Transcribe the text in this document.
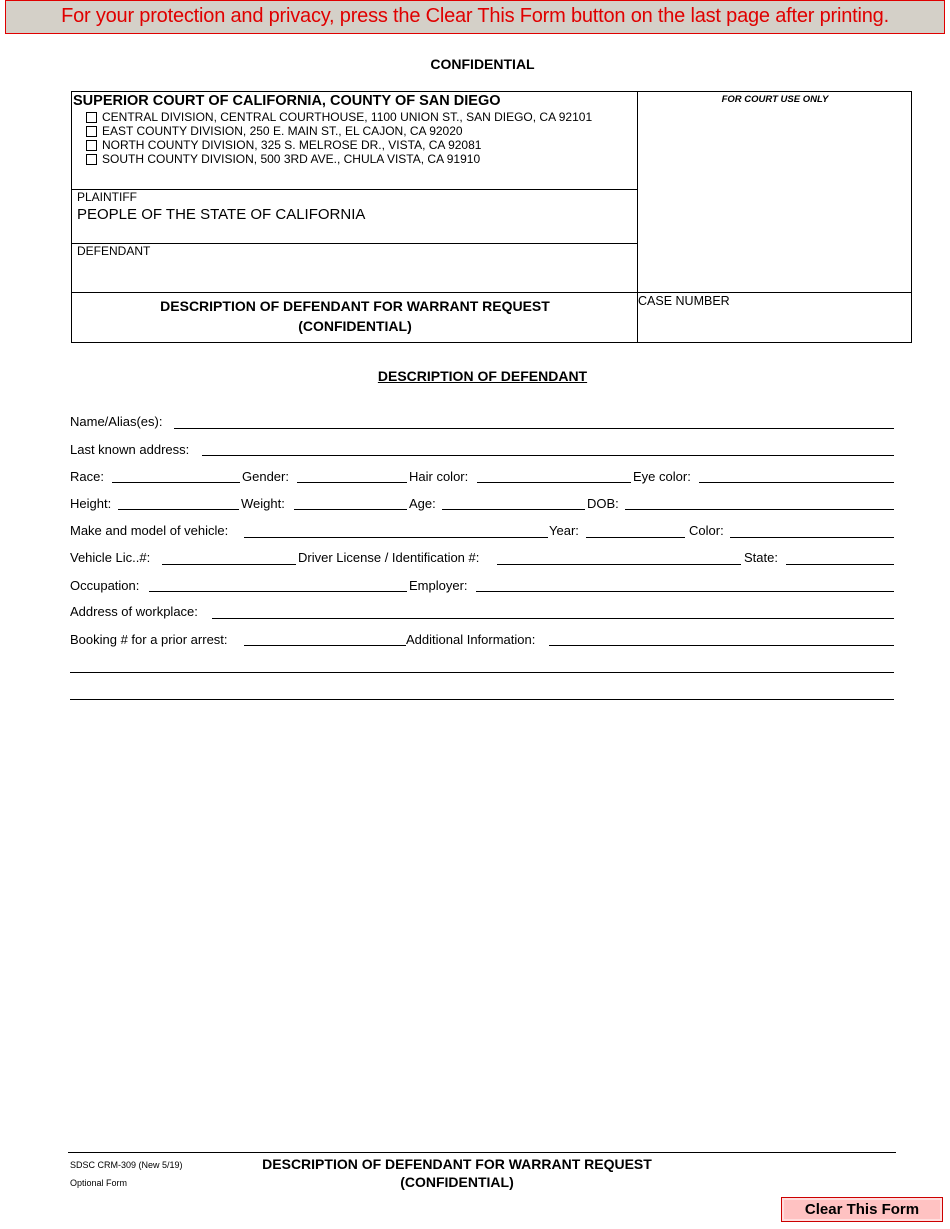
For your protection and privacy, press the Clear This Form button on the last page after printing.
CONFIDENTIAL
SUPERIOR COURT OF CALIFORNIA, COUNTY OF SAN DIEGO
CENTRAL DIVISION, CENTRAL COURTHOUSE, 1100 UNION ST., SAN DIEGO, CA 92101
EAST COUNTY DIVISION, 250 E. MAIN ST., EL CAJON, CA 92020
NORTH COUNTY DIVISION, 325 S. MELROSE DR., VISTA, CA 92081
SOUTH COUNTY DIVISION, 500 3RD AVE., CHULA VISTA, CA 91910
PLAINTIFF
PEOPLE OF THE STATE OF CALIFORNIA
DEFENDANT
FOR COURT USE ONLY
DESCRIPTION OF DEFENDANT FOR WARRANT REQUEST
(CONFIDENTIAL)
CASE NUMBER
DESCRIPTION OF DEFENDANT
Name/Alias(es):
Last known address:
Race:	Gender:	Hair color:	Eye color:
Height:	Weight:	Age:	DOB:
Make and model of vehicle:	Year:	Color:
Vehicle Lic..#:	Driver License / Identification #:	State:
Occupation:	Employer:
Address of workplace:
Booking # for a prior arrest:	Additional Information:
SDSC CRM-309 (New 5/19)
Optional Form
DESCRIPTION OF DEFENDANT FOR WARRANT REQUEST
(CONFIDENTIAL)
Clear This Form
